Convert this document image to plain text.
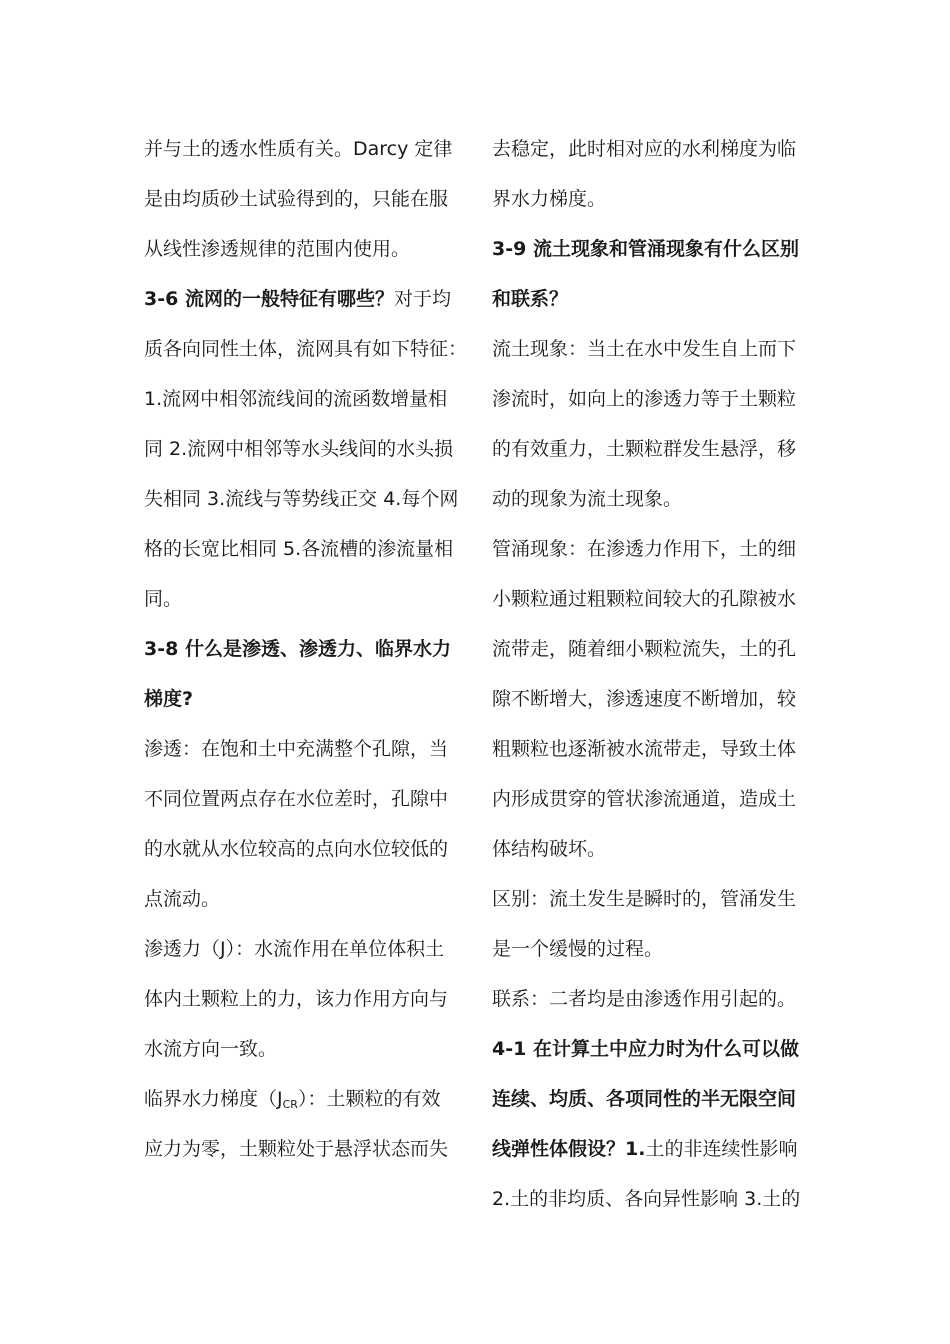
并与土的透水性质有关。Darcy 定律
是由均质砂土试验得到的，只能在服
从线性渗透规律的范围内使用。
3-6 流网的一般特征有哪些？对于均
质各向同性土体，流网具有如下特征：
1.流网中相邻流线间的流函数增量相
同 2.流网中相邻等水头线间的水头损
失相同 3.流线与等势线正交 4.每个网
格的长宽比相同 5.各流槽的渗流量相
同。
3-8 什么是渗透、渗透力、临界水力
梯度?
渗透：在饱和土中充满整个孔隙，当
不同位置两点存在水位差时，孔隙中
的水就从水位较高的点向水位较低的
点流动。
渗透力（J）：水流作用在单位体积土
体内土颗粒上的力，该力作用方向与
水流方向一致。
临界水力梯度$(J_{CR})$：土颗粒的有效
应力为零，土颗粒处于悬浮状态而失
去稳定，此时相对应的水利梯度为临
界水力梯度。
3-9 流土现象和管涌现象有什么区别
和联系？
流土现象：当土在水中发生自上而下
渗流时，如向上的渗透力等于土颗粒
的有效重力，土颗粒群发生悬浮，移
动的现象为流土现象。
管涌现象：在渗透力作用下，土的细
小颗粒通过粗颗粒间较大的孔隙被水
流带走，随着细小颗粒流失，土的孔
隙不断增大，渗透速度不断增加，较
粗颗粒也逐渐被水流带走，导致土体
内形成贯穿的管状渗流通道，造成土
体结构破坏。
区别：流土发生是瞬时的，管涌发生
是一个缓慢的过程。
联系：二者均是由渗透作用引起的。
4-1 在计算土中应力时为什么可以做
连续、均质、各项同性的半无限空间
线弹性体假设？1.土的非连续性影响
2.土的非均质、各向异性影响 3.土的
